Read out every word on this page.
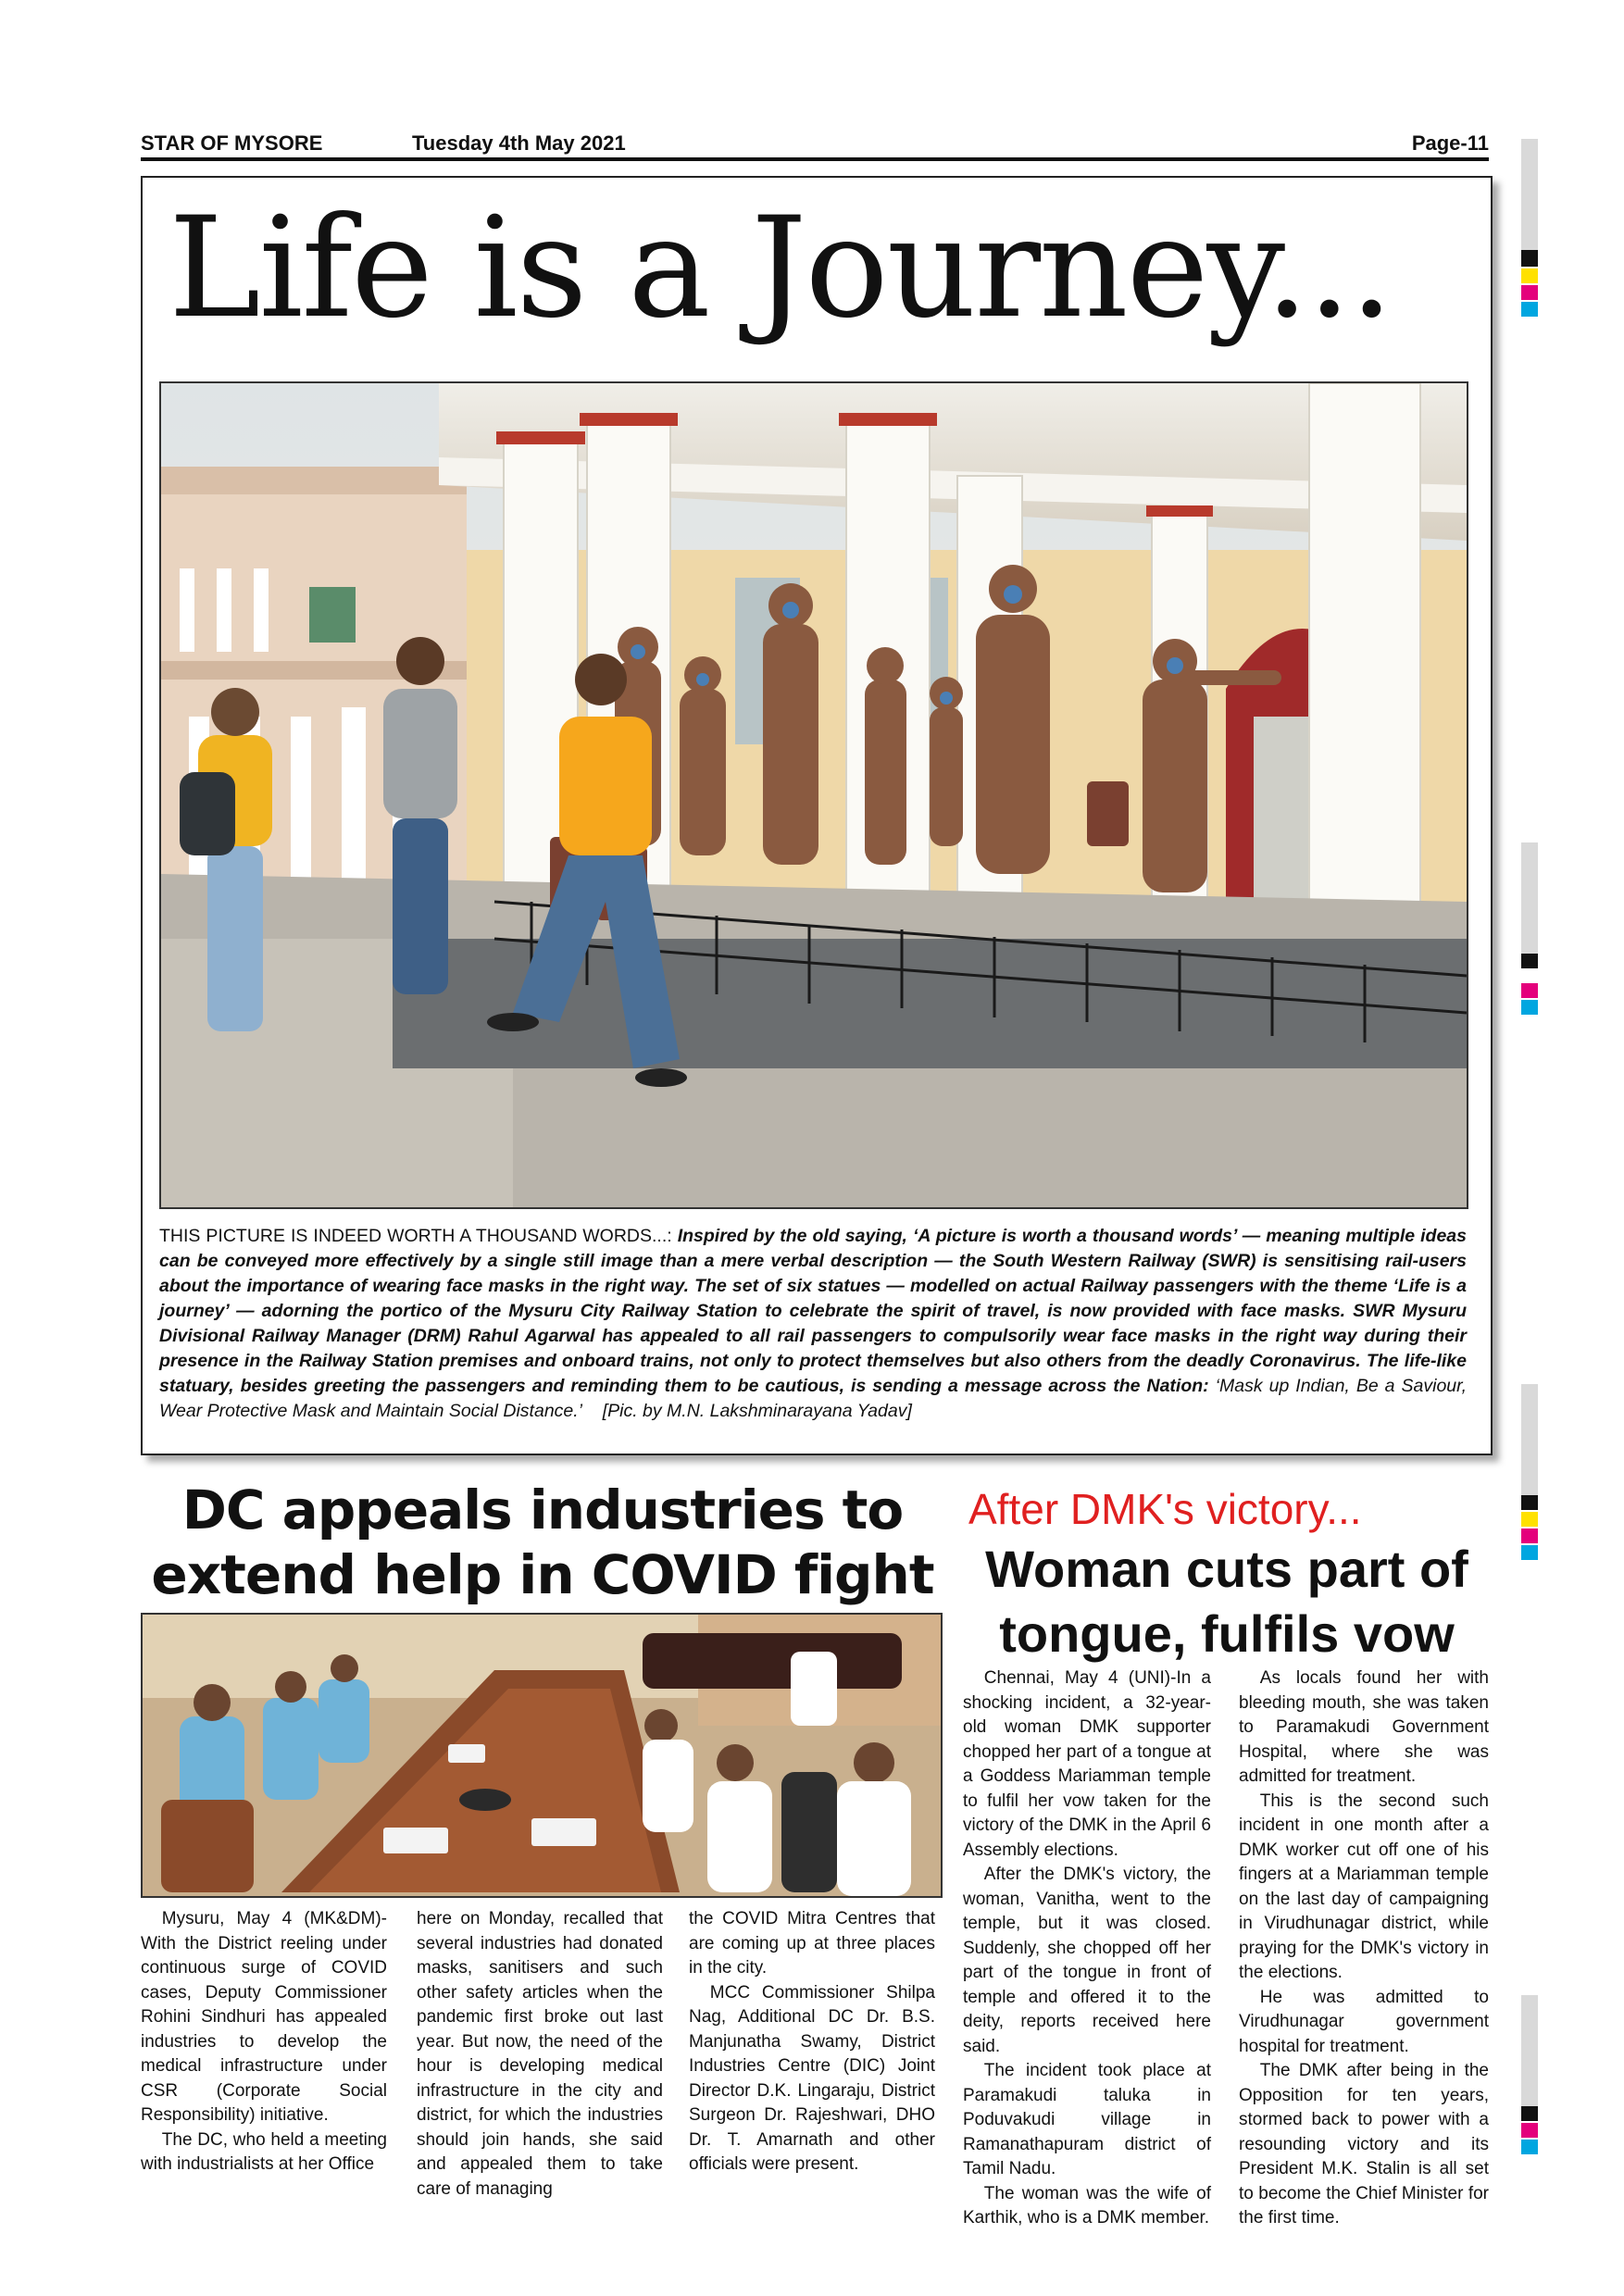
STAR OF MYSORE	Tuesday 4th May 2021	Page-11
Life is a Journey...
THIS PICTURE IS INDEED WORTH A THOUSAND WORDS...: Inspired by the old saying, ‘A picture is worth a thousand words’ — meaning multiple ideas can be conveyed more effectively by a single still image than a mere verbal description — the South Western Railway (SWR) is sensitising rail-users about the importance of wearing face masks in the right way. The set of six statues — modelled on actual Railway passengers with the theme ‘Life is a journey’ — adorning the portico of the Mysuru City Railway Station to celebrate the spirit of travel, is now provided with face masks. SWR Mysuru Divisional Railway Manager (DRM) Rahul Agarwal has appealed to all rail passengers to compulsorily wear face masks in the right way during their presence in the Railway Station premises and onboard trains, not only to protect themselves but also others from the deadly Coronavirus. The life-like statuary, besides greeting the passengers and reminding them to be cautious, is sending a message across the Nation: ‘Mask up Indian, Be a Saviour, Wear Protective Mask and Maintain Social Distance.’ [Pic. by M.N. Lakshminarayana Yadav]
DC appeals industries to
extend help in COVID fight

Mysuru, May 4 (MK&DM)- With the District reeling under continuous surge of COVID cases, Deputy Commissioner Rohini Sindhuri has appealed industries to develop the medical infrastructure under CSR (Corporate Social Responsibility) initiative.

The DC, who held a meeting with industrialists at her Office

here on Monday, recalled that several industries had donated masks, sanitisers and such other safety articles when the pandemic first broke out last year. But now, the need of the hour is developing medical infrastructure in the city and district, for which the industries should join hands, she said and appealed them to take care of managing

the COVID Mitra Centres that are coming up at three places in the city.

MCC Commissioner Shilpa Nag, Additional DC Dr. B.S. Manjunatha Swamy, District Industries Centre (DIC) Joint Director D.K. Lingaraju, District Surgeon Dr. Rajeshwari, DHO Dr. T. Amarnath and other officials were present.

After DMK's victory...
Woman cuts part of
tongue, fulfils vow

Chennai, May 4 (UNI)-In a shocking incident, a 32-year-old woman DMK supporter chopped her part of a tongue at a Goddess Mariamman temple to fulfil her vow taken for the victory of the DMK in the April 6 Assembly elections.

After the DMK's victory, the woman, Vanitha, went to the temple, but it was closed. Suddenly, she chopped off her part of the tongue in front of temple and offered it to the deity, reports received here said.

The incident took place at Paramakudi taluka in Poduvakudi village in Ramanathapuram district of Tamil Nadu.

The woman was the wife of Karthik, who is a DMK member.

As locals found her with bleeding mouth, she was taken to Paramakudi Government Hospital, where she was admitted for treatment.

This is the second such incident in one month after a DMK worker cut off one of his fingers at a Mariamman temple on the last day of campaigning in Virudhunagar district, while praying for the DMK's victory in the elections.

He was admitted to Virudhunagar government hospital for treatment.

The DMK after being in the Opposition for ten years, stormed back to power with a resounding victory and its President M.K. Stalin is all set to become the Chief Minister for the first time.
